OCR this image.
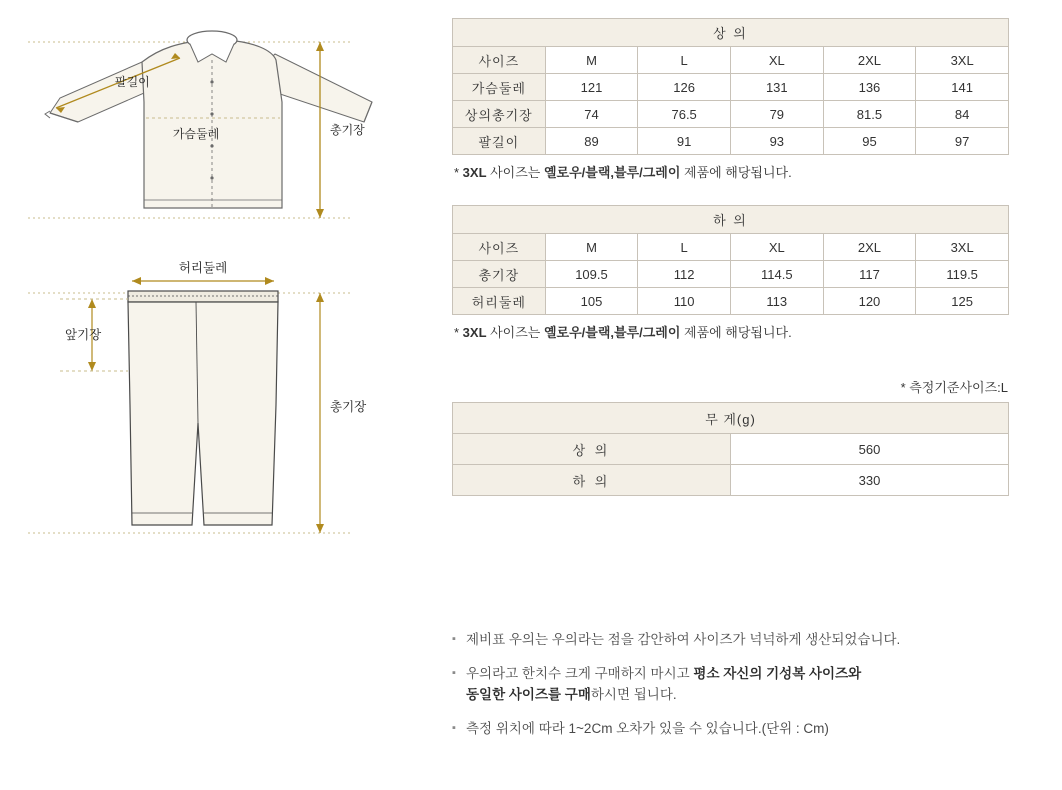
팔길이
가슴둘레	총기장
허리둘레
앞기장
총기장
상 의					
사이즈	M	L	XL	2XL	3XL
가슴둘레	121	126	131	136	141
상의총기장	74	76.5	79	81.5	84
팔길이	89	91	93	95	97
* 3XL 사이즈는 옐로우/블랙,블루/그레이 제품에 해당됩니다.
하 의					
사이즈	M	L	XL	2XL	3XL
총기장	109.5	112	114.5	117	119.5
허리둘레	105	110	113	120	125
* 3XL 사이즈는 옐로우/블랙,블루/그레이 제품에 해당됩니다.
* 측정기준사이즈:L
무 게(g)	
상 의	560
하 의	330
▪ 제비표 우의는 우의라는 점을 감안하여 사이즈가 넉넉하게 생산되었습니다.
▪ 우의라고 한치수 크게 구매하지 마시고 평소 자신의 기성복 사이즈와
동일한 사이즈를 구매하시면 됩니다.
▪ 측정 위치에 따라 1~2Cm 오차가 있을 수 있습니다.(단위 : Cm)
